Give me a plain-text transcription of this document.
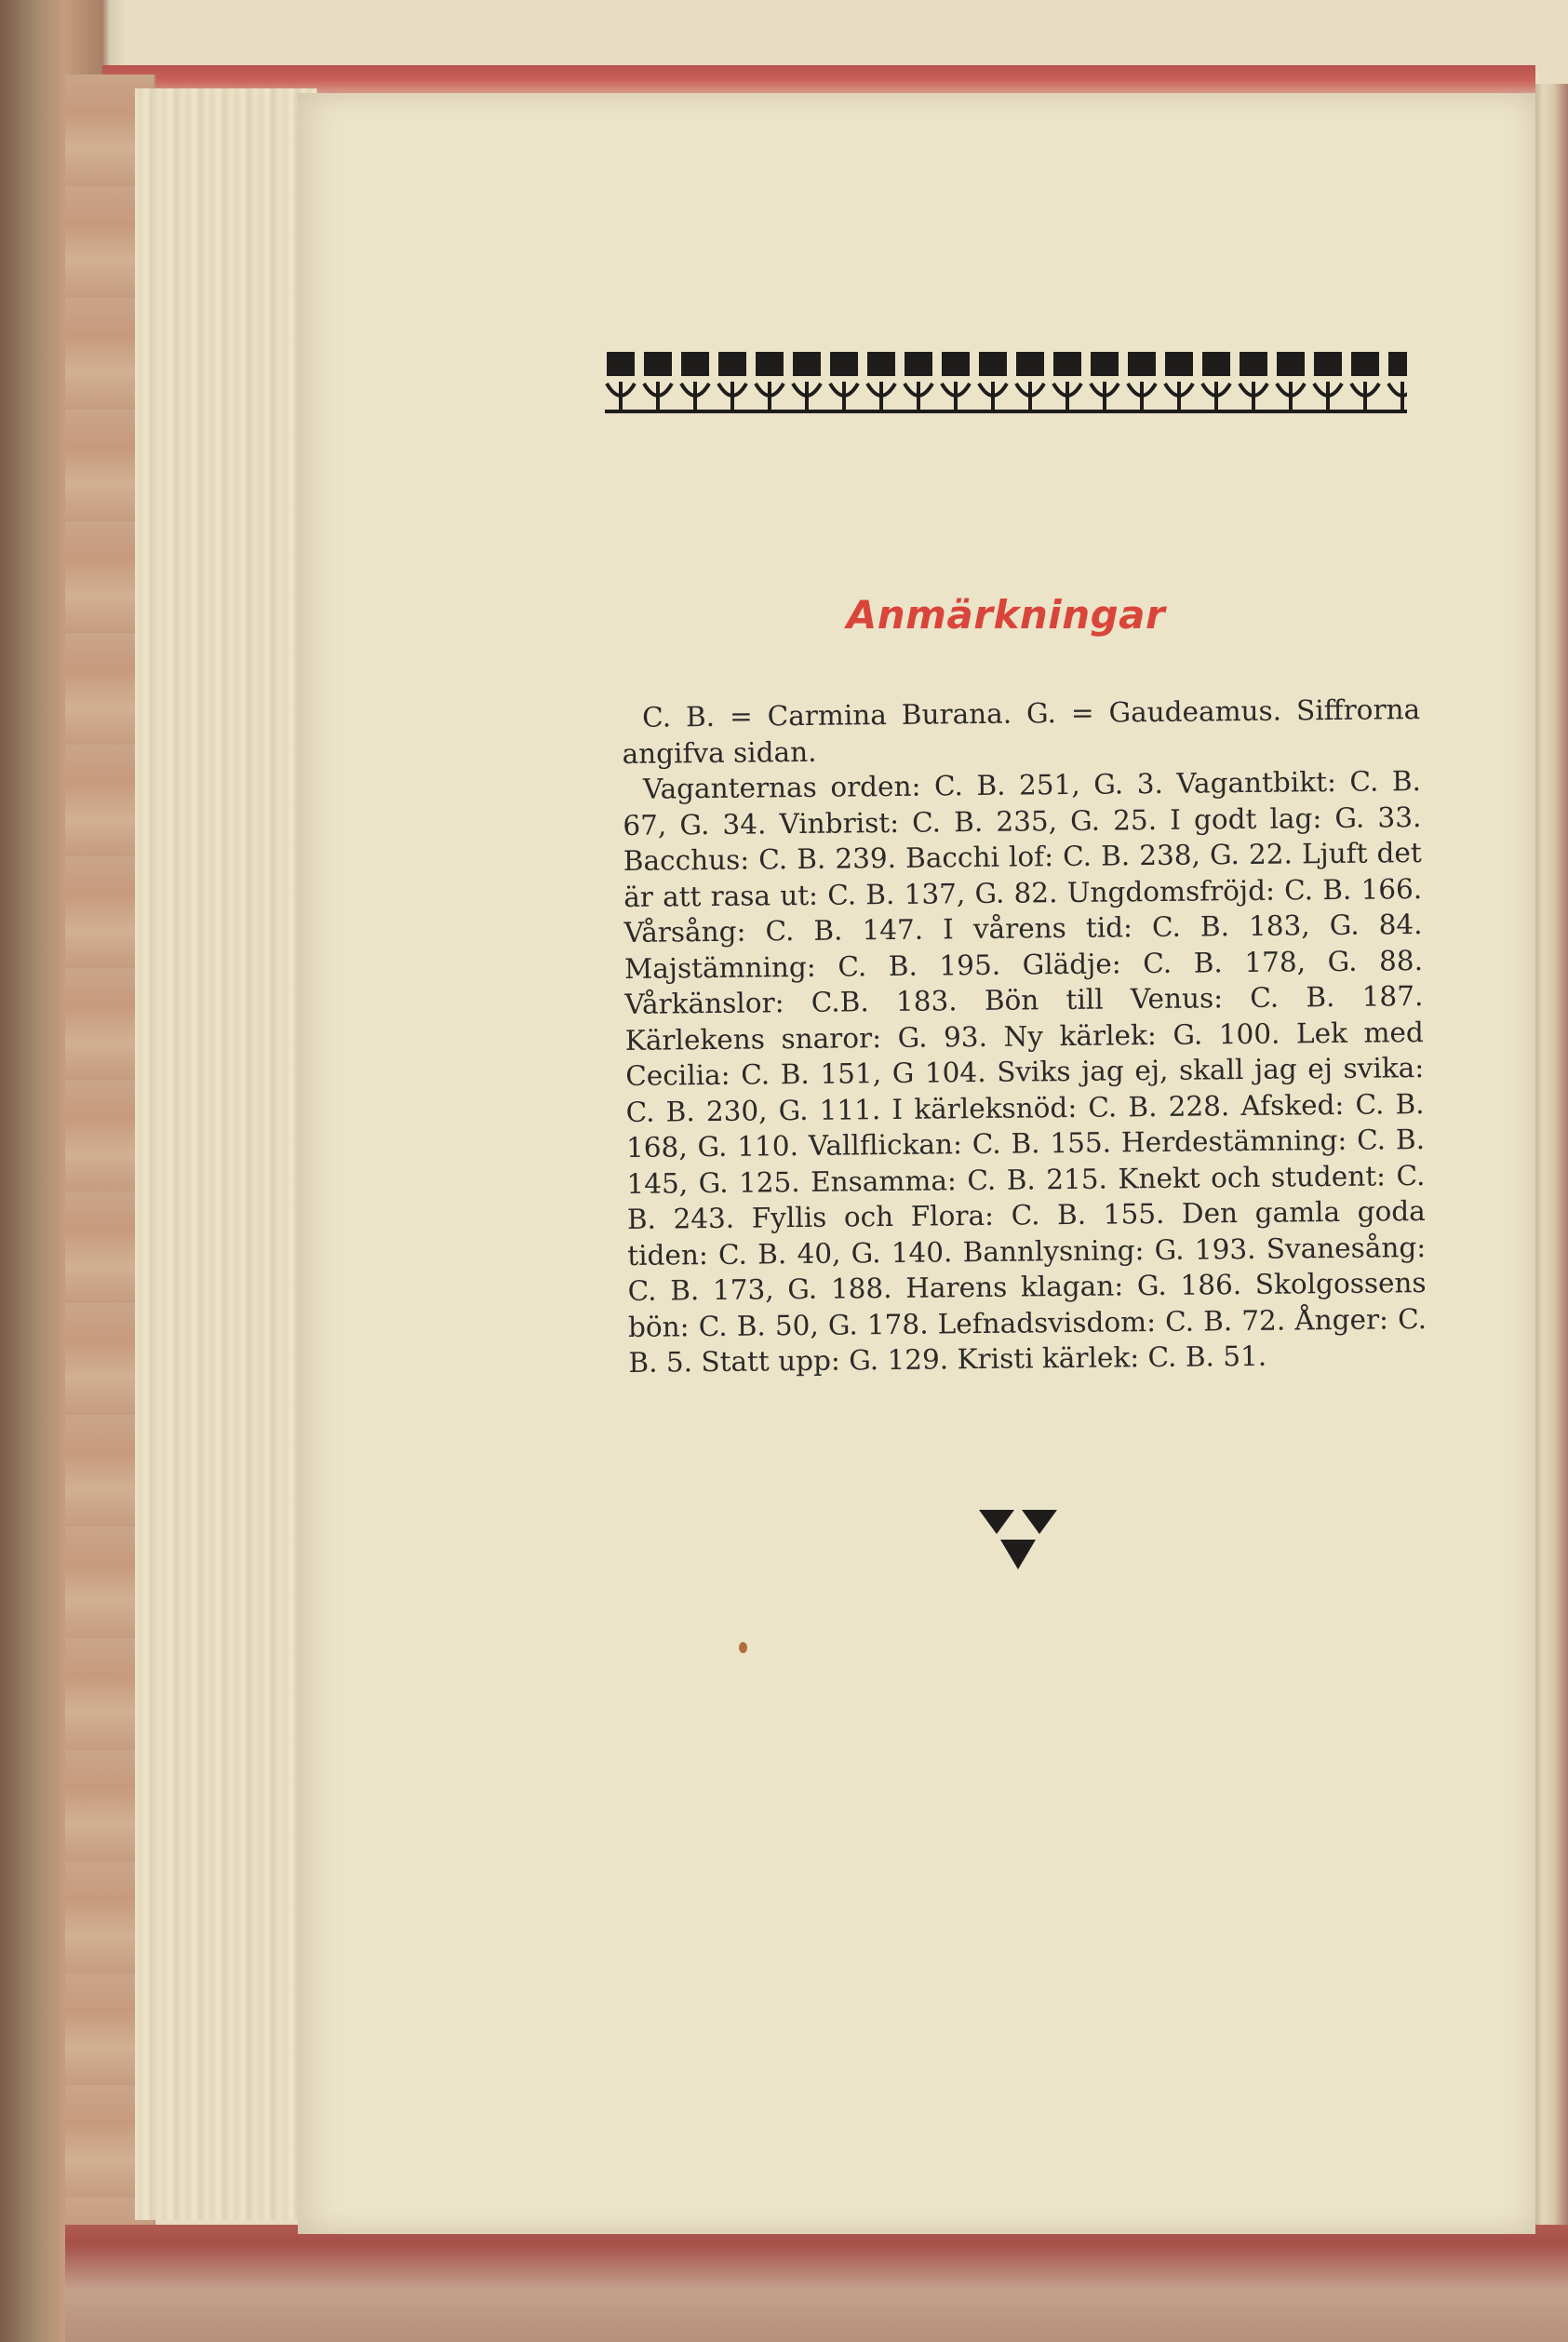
Anmärkningar

C. B. = Carmina Burana. G. = Gaudeamus. Siffrorna angifva sidan.

Vaganternas orden: C. B. 251, G. 3. Vagantbikt: C. B. 67, G. 34. Vinbrist: C. B. 235, G. 25. I godt lag: G. 33. Bacchus: C. B. 239. Bacchi lof: C. B. 238, G. 22. Ljuft det är att rasa ut: C. B. 137, G. 82. Ungdomsfröjd: C. B. 166. Vårsång: C. B. 147. I vårens tid: C. B. 183, G. 84. Majstämning: C. B. 195. Glädje: C. B. 178, G. 88. Vårkänslor: C.B. 183. Bön till Venus: C. B. 187. Kärlekens snaror: G. 93. Ny kärlek: G. 100. Lek med Cecilia: C. B. 151, G 104. Sviks jag ej, skall jag ej svika: C. B. 230, G. 111. I kärleksnöd: C. B. 228. Afsked: C. B. 168, G. 110. Vallflickan: C. B. 155. Herdestämning: C. B. 145, G. 125. Ensamma: C. B. 215. Knekt och student: C. B. 243. Fyllis och Flora: C. B. 155. Den gamla goda tiden: C. B. 40, G. 140. Bannlysning: G. 193. Svanesång: C. B. 173, G. 188. Harens klagan: G. 186. Skolgossens bön: C. B. 50, G. 178. Lefnadsvisdom: C. B. 72. Ånger: C. B. 5. Statt upp: G. 129. Kristi kärlek: C. B. 51.
